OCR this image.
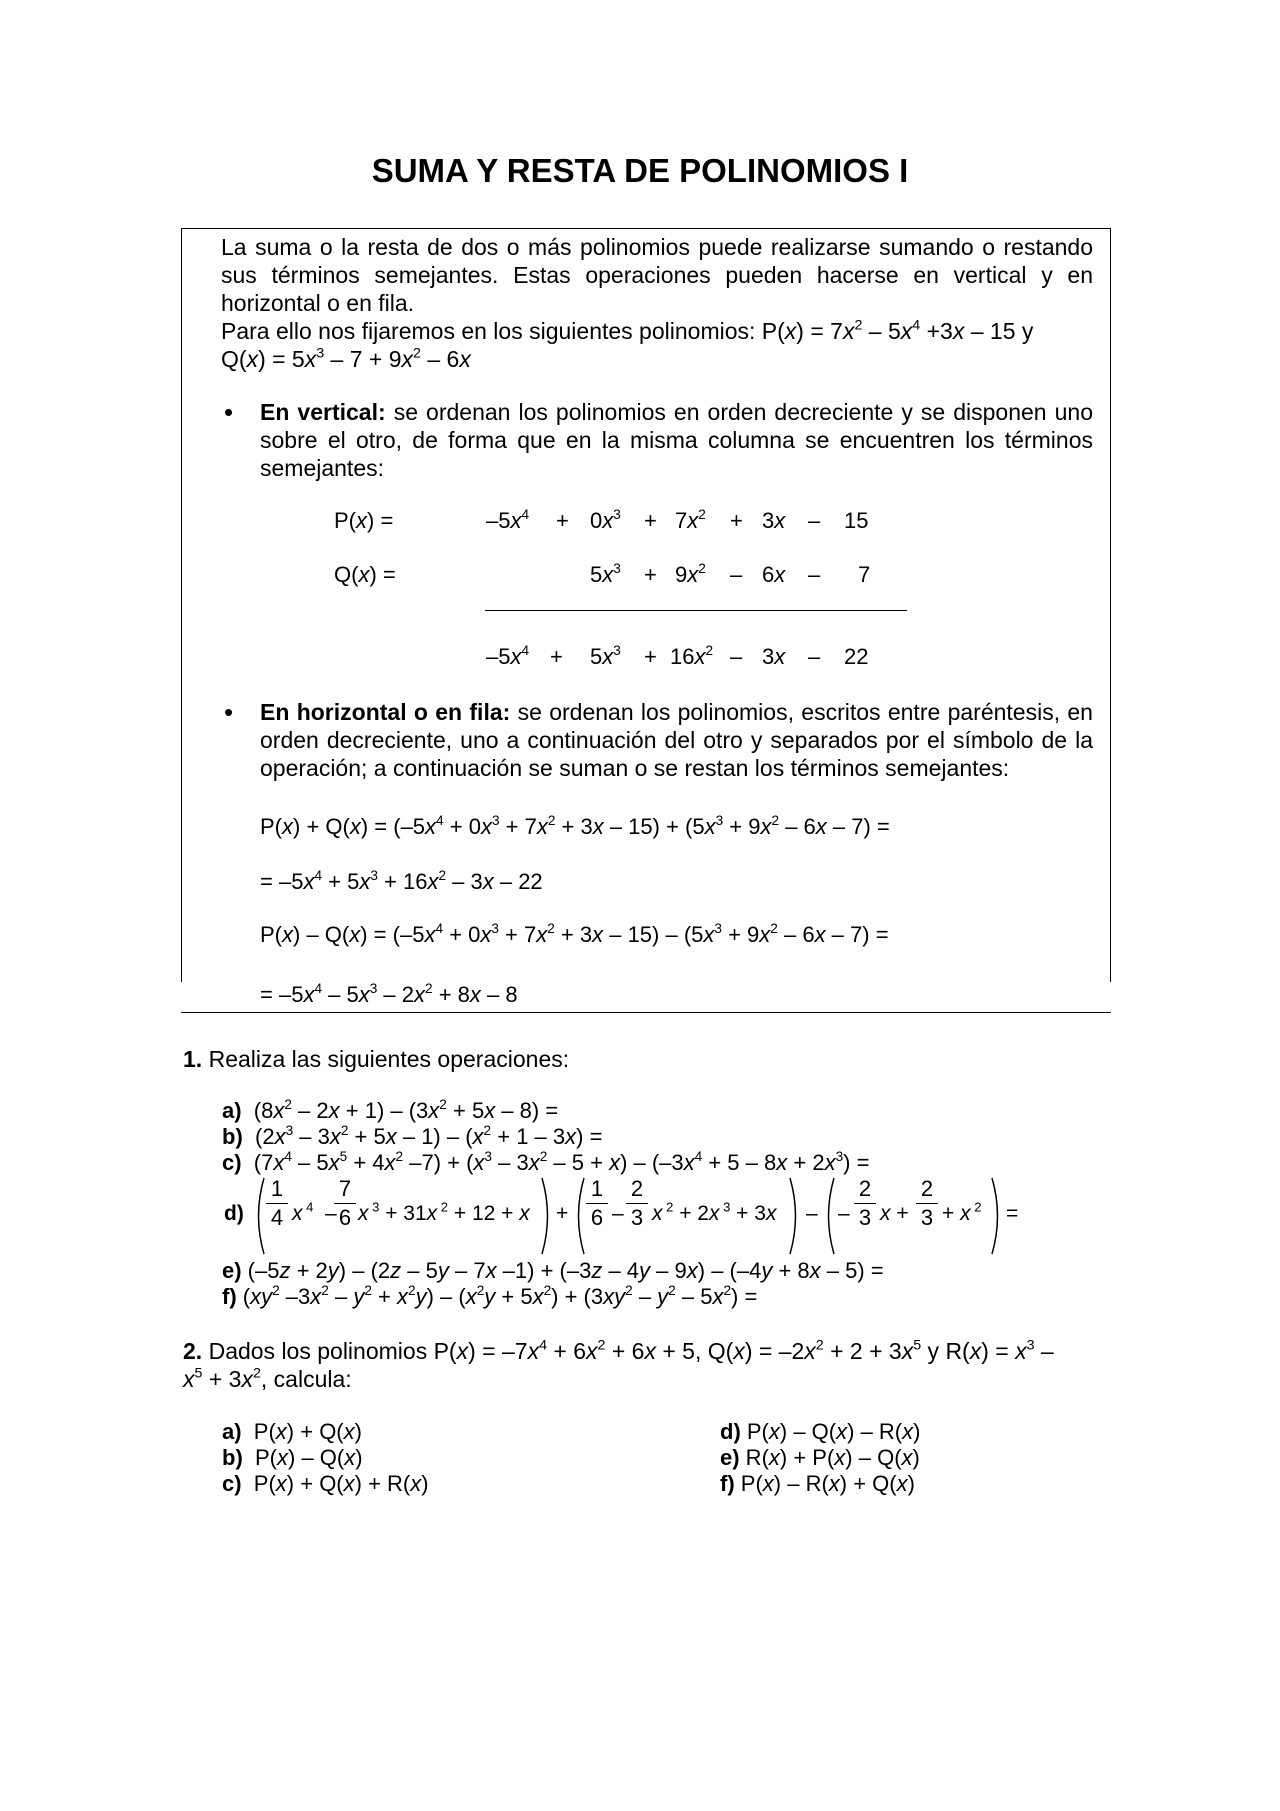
SUMA Y RESTA DE POLINOMIOS I
La suma o la resta de dos o más polinomios puede realizarse sumando o restando sus términos semejantes. Estas operaciones pueden hacerse en vertical y en horizontal o en fila.
Para ello nos fijaremos en los siguientes polinomios: $P(x) = 7x^2 - 5x^4 +3x - 15$ y
$Q(x) = 5x^3 - 7 + 9x^2 - 6x$
• En vertical: se ordenan los polinomios en orden decreciente y se disponen uno sobre el otro, de forma que en la misma columna se encuentren los términos semejantes:
P(x) =
Q(x) =
$-5x^4 + 0x^3 + 7x^2 + 3x - 15$
$5x^3 + 9x^2 - 6x - 7$
$-5x^4 + 5x^3 + 16x^2 - 3x - 22$
• En horizontal o en fila: se ordenan los polinomios, escritos entre paréntesis, en orden decreciente, uno a continuación del otro y separados por el símbolo de la operación; a continuación se suman o se restan los términos semejantes:
$P(x) + Q(x) = (-5x^4 + 0x^3 + 7x^2 + 3x - 15) + (5x^3 + 9x^2 - 6x - 7)$ =
= $-5x^4 + 5x^3 + 16x^2 - 3x - 22$
$P(x) - Q(x) = (-5x^4 + 0x^3 + 7x^2 + 3x - 15) - (5x^3 + 9x^2 - 6x - 7)$ =
= $-5x^4 - 5x^3 - 2x^2 + 8x - 8$
1. Realiza las siguientes operaciones:
a)  $(8x^2 - 2x + 1) - (3x^2 + 5x - 8)$ =
b)  $(2x^3 - 3x^2 + 5x - 1) - (x^2 + 1 - 3x)$ =
c)  ($7x^4 - 5x^5 + 4x^2$ $-7) + (x^3 - 3x^2 - 5 + x) - (-3x^4 + 5 - 8x + 2x^3)$ =
d)
1
4 x $^4$  –
7
6 x $^3$ + 31x $^2$ + 12 + x +
1
6 –
2
3 x $^2$ + 2x $^3$ + 3x – –
2
3 x +
2
3 + x $^2$ =
e) (–5z + 2y) – (2z – 5y – 7x –1) + (–3z – 4y – 9x) – (–4y + 8x – 5) =
f) ($xy^2$ $-3x^2 - y^2 + x^2y) - (x^2y + 5x^2) + (3xy^2 - y^2 - 5x^2)$ =
2. Dados los polinomios $P(x) = -7x^4 + 6x^2 + 6x + 5$, $Q(x) = -2x^2 + 2 + 3x^5$ y $R(x) = x^3$ –
$x^5 + 3x^2$, calcula:
a)  P(x) + Q(x)
b)  P(x) – Q(x)
c)  P(x) + Q(x) + R(x)
d) P(x) – Q(x) – R(x)
e) R(x) + P(x) – Q(x)
f) P(x) – R(x) + Q(x)
